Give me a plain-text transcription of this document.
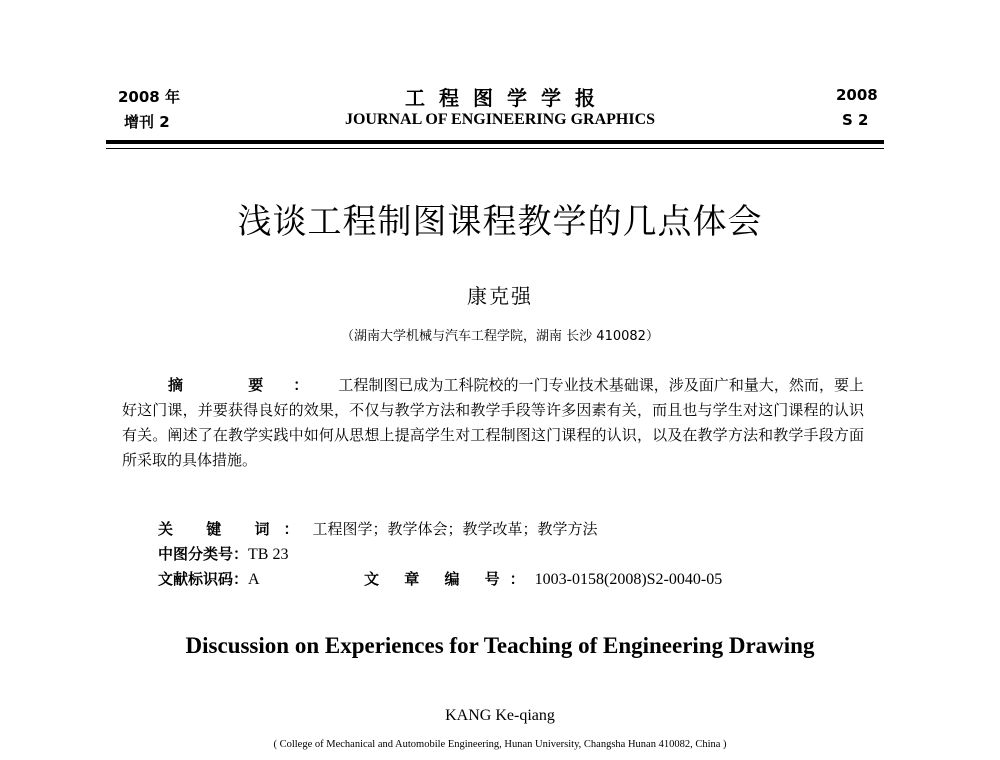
2008 年
增刊 2
工程图学学报
JOURNAL OF ENGINEERING GRAPHICS
2008
S 2
浅谈工程制图课程教学的几点体会
康克强
（湖南大学机械与汽车工程学院，湖南 长沙 410082）
摘 要：工程制图已成为工科院校的一门专业技术基础课，涉及面广和量大，然而，要上好这门课，并要获得良好的效果，不仅与教学方法和教学手段等许多因素有关，而且也与学生对这门课程的认识有关。阐述了在教学实践中如何从思想上提高学生对工程制图这门课程的认识，以及在教学方法和教学手段方面所采取的具体措施。
关 键 词：工程图学；教学体会；教学改革；教学方法
中图分类号：TB 23
文献标识码：A	文 章 编 号：1003-0158(2008)S2-0040-05
Discussion on Experiences for Teaching of Engineering Drawing
KANG Ke-qiang
( College of Mechanical and Automobile Engineering, Hunan University, Changsha Hunan 410082, China )
